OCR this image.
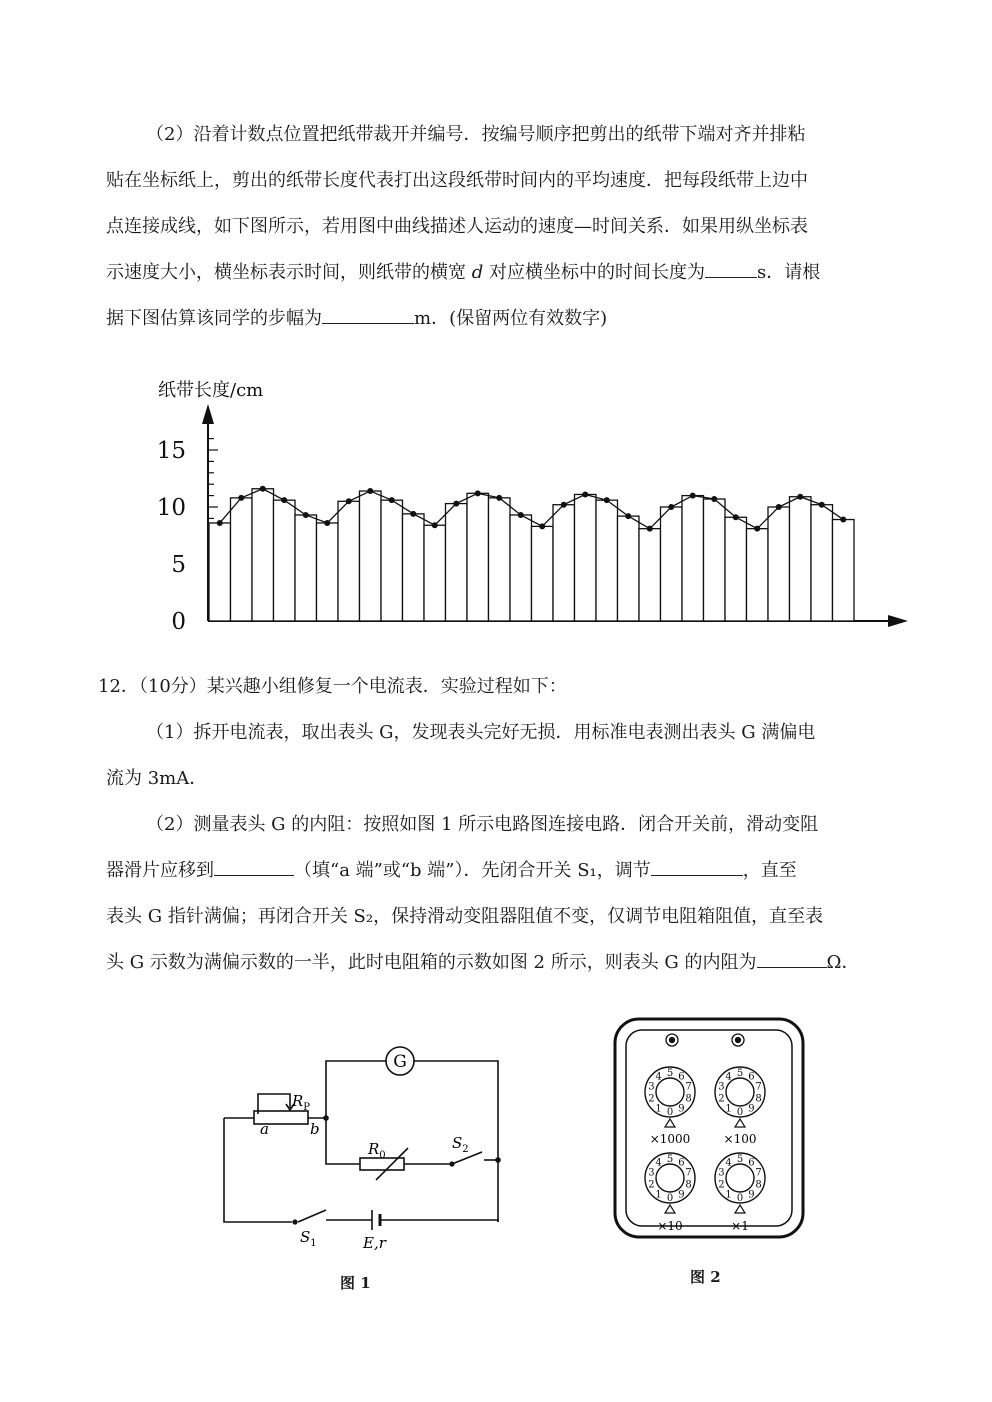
（2）沿着计数点位置把纸带裁开并编号．按编号顺序把剪出的纸带下端对齐并排粘
贴在坐标纸上，剪出的纸带长度代表打出这段纸带时间内的平均速度．把每段纸带上边中
点连接成线，如下图所示，若用图中曲线描述人运动的速度—时间关系．如果用纵坐标表
示速度大小，横坐标表示时间，则纸带的横宽 d 对应横坐标中的时间长度为	s．请根
据下图估算该同学的步幅为	m．(保留两位有效数字)
0
5
10
15
纸带长度/cm
12．（10分）某兴趣小组修复一个电流表．实验过程如下：
（1）拆开电流表，取出表头 G，发现表头完好无损．用标准电表测出表头 G 满偏电
流为 3mA．
（2）测量表头 G 的内阻：按照如图 1 所示电路图连接电路．闭合开关前，滑动变阻
器滑片应移到	（填“a 端”或“b 端”）．先闭合开关 S₁，调节	，直至
表头 G 指针满偏；再闭合开关 S₂，保持滑动变阻器阻值不变，仅调节电阻箱阻值，直至表
头 G 示数为满偏示数的一半，此时电阻箱的示数如图 2 所示，则表头 G 的内阻为	Ω．
G
$R_P$
a	b
$R_0$
$S_2$
$S_1$	E,r
图 1
0
1
2
3
4 5 6
7
8
9	0
1
2
3
4 5 6
7
8
9
0
1
2
3
4 5 6
7
8
9	0
1
2
3
4 5 6
7
8
9
×1000	×100
×10	×1
图 2
